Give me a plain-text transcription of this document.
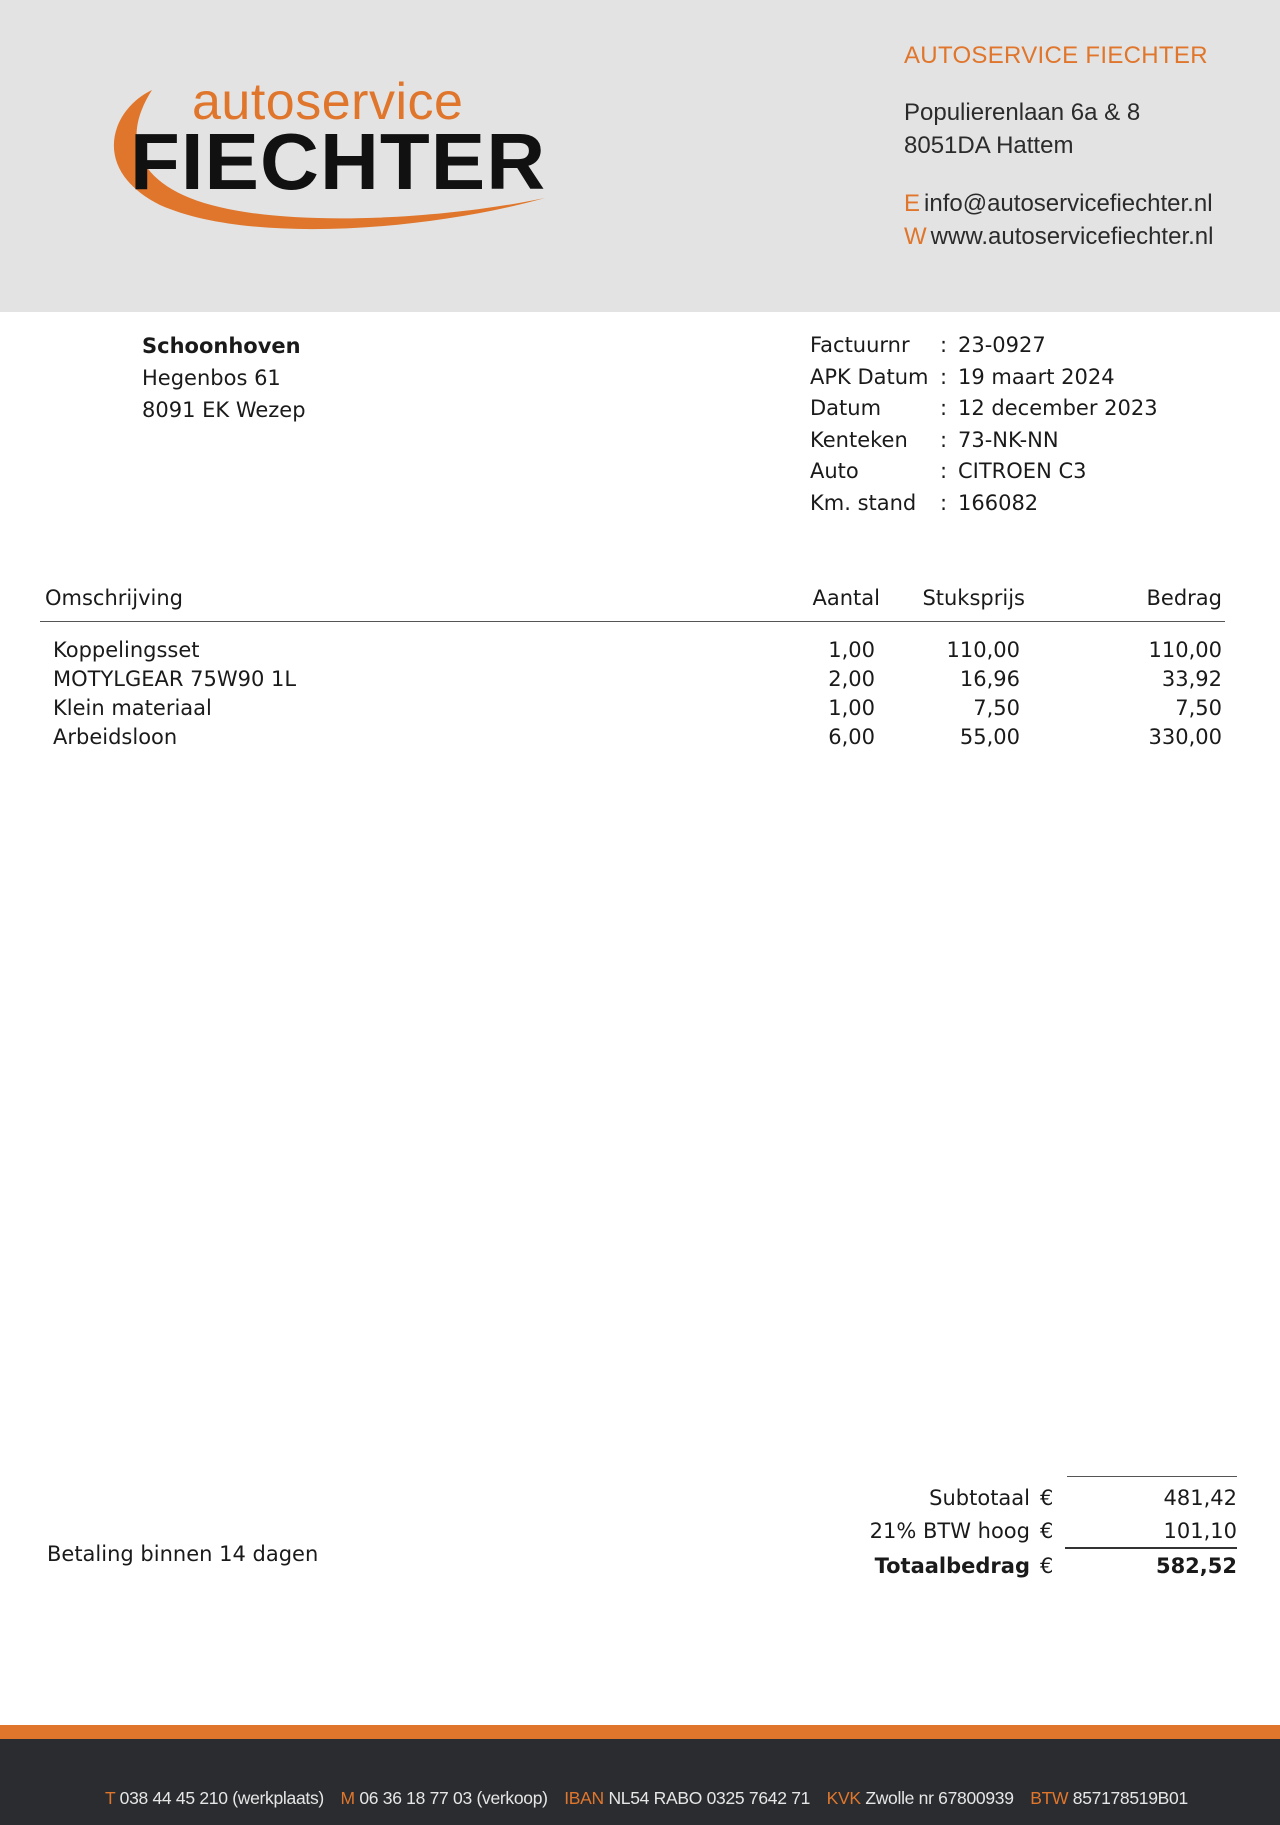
autoservice
FIECHTER
AUTOSERVICE FIECHTER
Populierenlaan 6a & 8
8051DA Hattem
E info@autoservicefiechter.nl
W www.autoservicefiechter.nl
Schoonhoven
Hegenbos 61
8091 EK Wezep
Factuurnr	: 23-0927
APK Datum : 19 maart 2024
Datum	: 12 december 2023
Kenteken	: 73-NK-NN
Auto	: CITROEN C3
Km. stand	: 166082
Omschrijving	Aantal Stuksprijs	Bedrag
Koppelingsset	1,00	110,00	110,00
MOTYLGEAR 75W90 1L	2,00	16,96	33,92
Klein materiaal	1,00	7,50	7,50
Arbeidsloon	6,00	55,00	330,00
Betaling binnen 14 dagen
Subtotaal €	481,42
21% BTW hoog €	101,10
Totaalbedrag €	582,52
T 038 44 45 210 (werkplaats) M 06 36 18 77 03 (verkoop) IBAN NL54 RABO 0325 7642 71 KVK Zwolle nr 67800939 BTW 857178519B01
